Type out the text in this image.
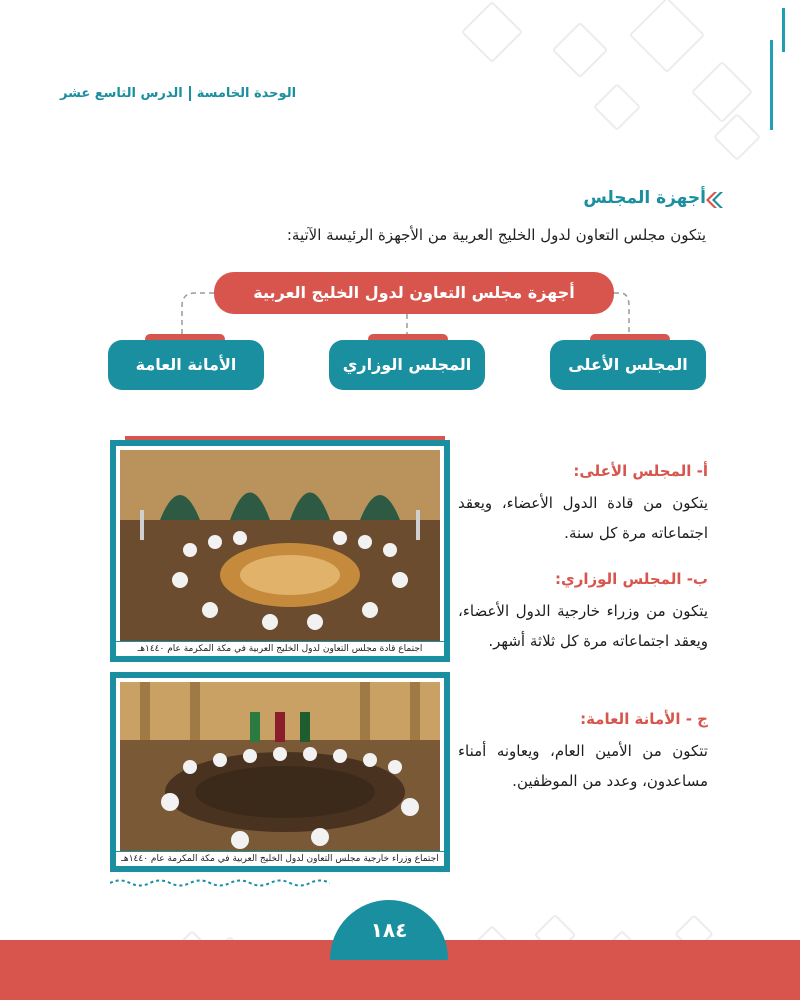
الوحدة الخامسةالدرس التاسع عشر
أجهزة المجلس
يتكون مجلس التعاون لدول الخليج العربية من الأجهزة الرئيسة الآتية:
أجهزة مجلس التعاون لدول الخليج العربية
المجلس الأعلى
المجلس الوزاري
الأمانة العامة
اجتماع قادة مجلس التعاون لدول الخليج العربية في مكة المكرمة عام ١٤٤٠هـ
اجتماع وزراء خارجية مجلس التعاون لدول الخليج العربية في مكة المكرمة عام ١٤٤٠هـ
أ- المجلس الأعلى:

يتكون من قادة الدول الأعضاء، ويعقد اجتماعاته مرة كل سنة.

ب- المجلس الوزاري:

يتكون من وزراء خارجية الدول الأعضاء، ويعقد اجتماعاته مرة كل ثلاثة أشهر.

ج - الأمانة العامة:

تتكون من الأمين العام، ويعاونه أمناء مساعدون، وعدد من الموظفين.

١٨٤
